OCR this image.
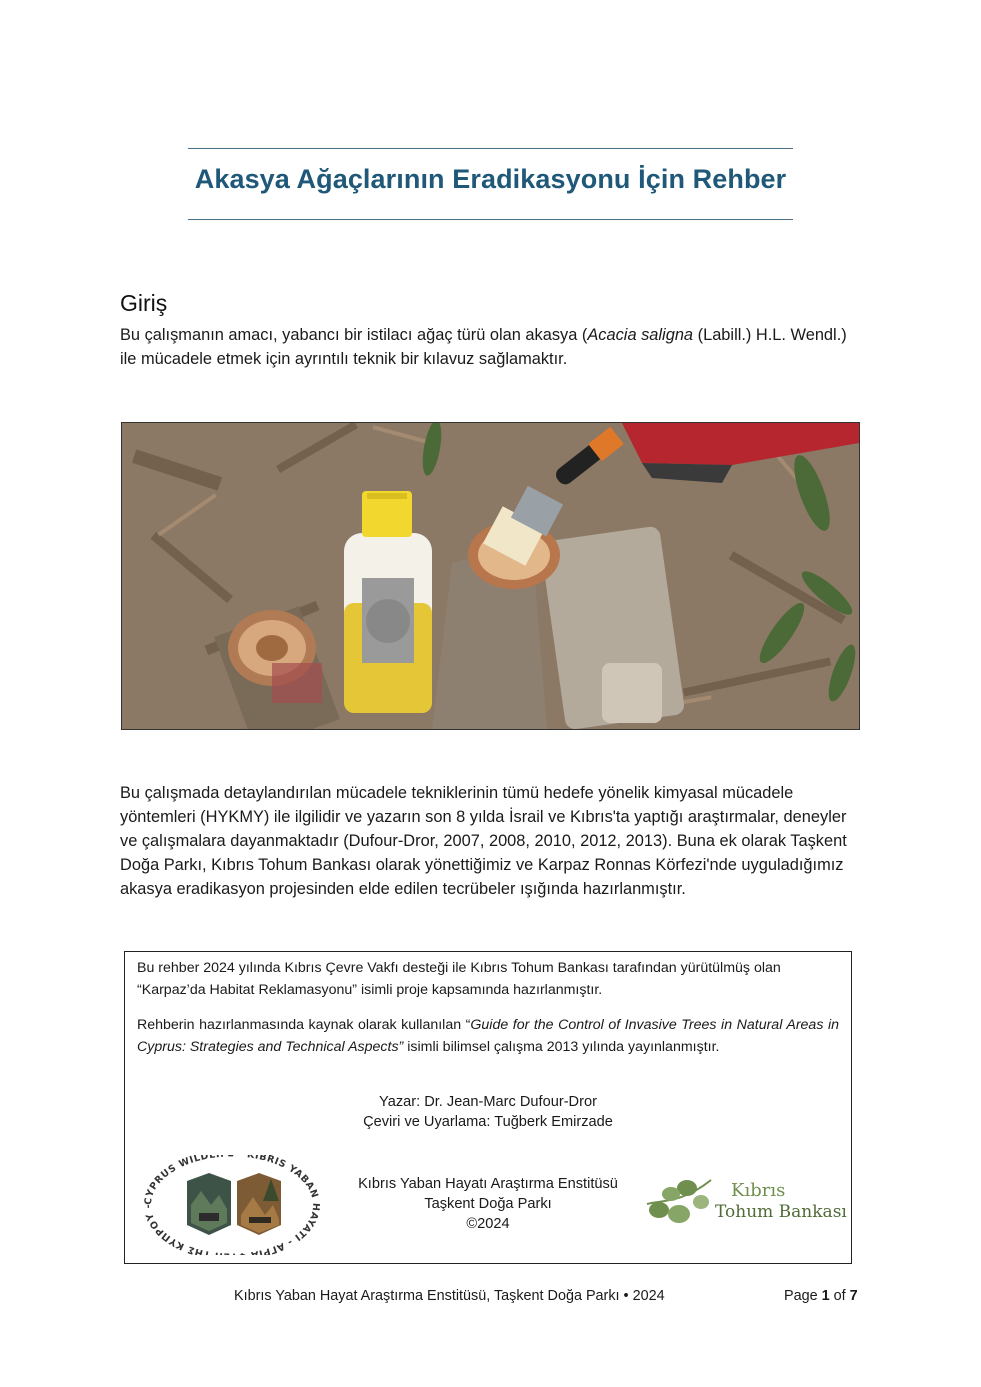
Akasya Ağaçlarının Eradikasyonu İçin Rehber
Giriş
Bu çalışmanın amacı, yabancı bir istilacı ağaç türü olan akasya (Acacia saligna (Labill.) H.L. Wendl.) ile mücadele etmek için ayrıntılı teknik bir kılavuz sağlamaktır.
Bu çalışmada detaylandırılan mücadele tekniklerinin tümü hedefe yönelik kimyasal mücadele yöntemleri (HYKMY) ile ilgilidir ve yazarın son 8 yılda İsrail ve Kıbrıs'ta yaptığı araştırmalar, deneyler ve çalışmalara dayanmaktadır (Dufour-Dror, 2007, 2008, 2010, 2012, 2013). Buna ek olarak Taşkent Doğa Parkı, Kıbrıs Tohum Bankası olarak yönettiğimiz ve Karpaz Ronnas Körfezi'nde uyguladığımız akasya eradikasyon projesinden elde edilen tecrübeler ışığında hazırlanmıştır.
Bu rehber 2024 yılında Kıbrıs Çevre Vakfı desteği ile Kıbrıs Tohum Bankası tarafından yürütülmüş olan “Karpaz’da Habitat Reklamasyonu” isimli proje kapsamında hazırlanmıştır.
Rehberin hazırlanmasında kaynak olarak kullanılan “Guide for the Control of Invasive Trees in Natural Areas in Cyprus: Strategies and Technical Aspects” isimli bilimsel çalışma 2013 yılında yayınlanmıştır.
Yazar: Dr. Jean-Marc Dufour-Dror
Çeviri ve Uyarlama: Tuğberk Emirzade
CYPRUS WILDL KIBRIS YABAN HAYATI - ΑΓΡΙΑ ΤΗΣ ΚΥΠΡΟΥ -
Kıbrıs Yaban Hayatı Araştırma Enstitüsü
Taşkent Doğa Parkı
©2024
Kıbrıs
Tohum Bankası
Kıbrıs Yaban Hayat Araştırma Enstitüsü, Taşkent Doğa Parkı • 2024	Page 1 of 7
